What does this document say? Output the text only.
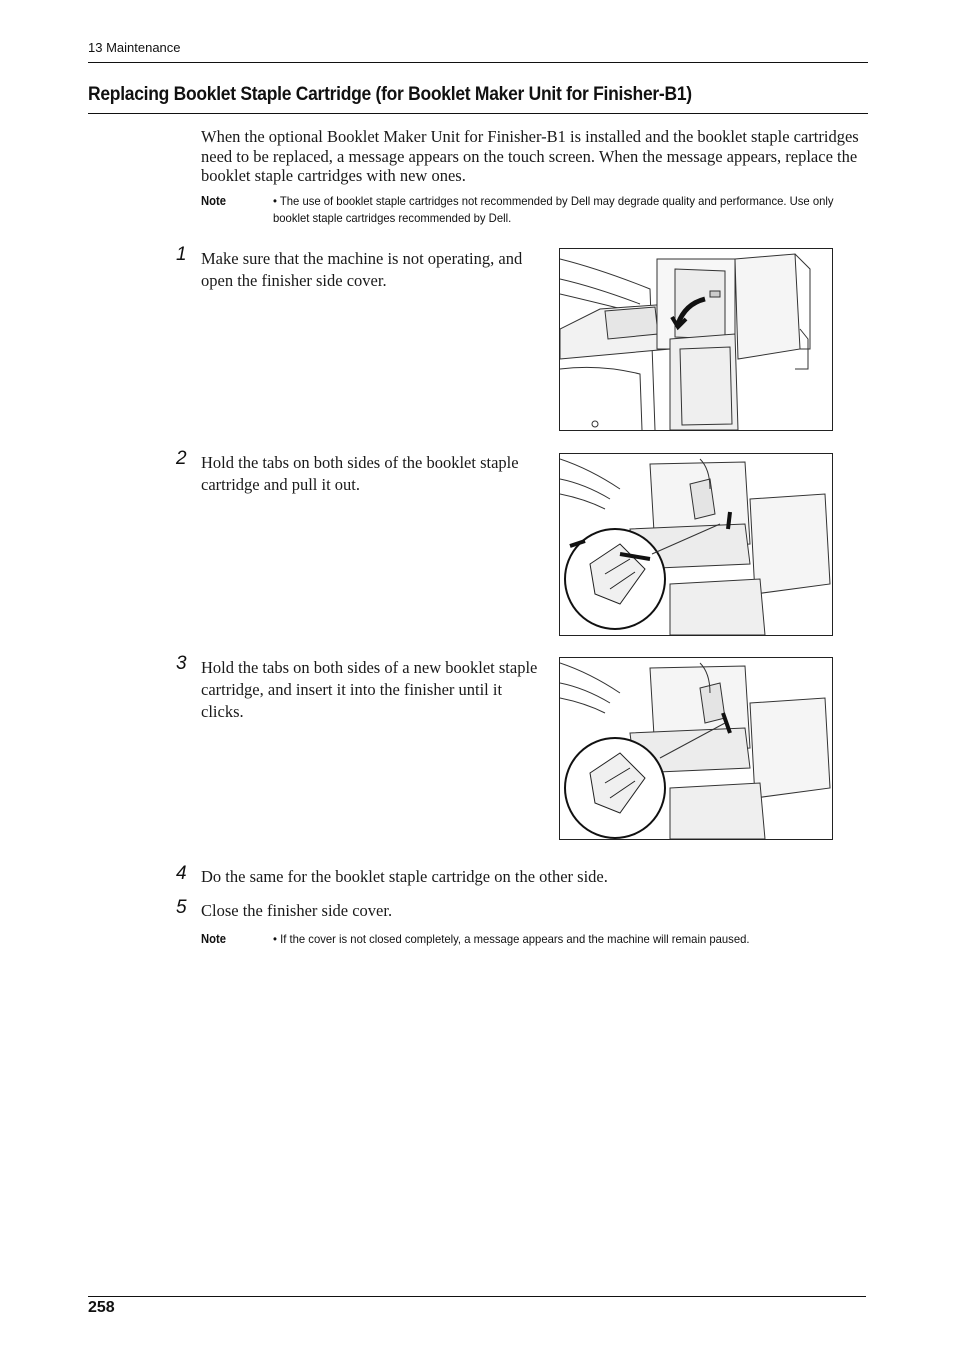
13 Maintenance
Replacing Booklet Staple Cartridge (for Booklet Maker Unit for Finisher-B1)
When the optional Booklet Maker Unit for Finisher-B1 is installed and the booklet staple cartridges need to be replaced, a message appears on the touch screen. When the message appears, replace the booklet staple cartridges with new ones.
Note	• The use of booklet staple cartridges not recommended by Dell may degrade quality and performance. Use only booklet staple cartridges recommended by Dell.
1 Make sure that the machine is not operating, and open the finisher side cover.
2 Hold the tabs on both sides of the booklet staple cartridge and pull it out.
3 Hold the tabs on both sides of a new booklet staple cartridge, and insert it into the finisher until it clicks.
4 Do the same for the booklet staple cartridge on the other side.
5 Close the finisher side cover.
Note	• If the cover is not closed completely, a message appears and the machine will remain paused.
258
